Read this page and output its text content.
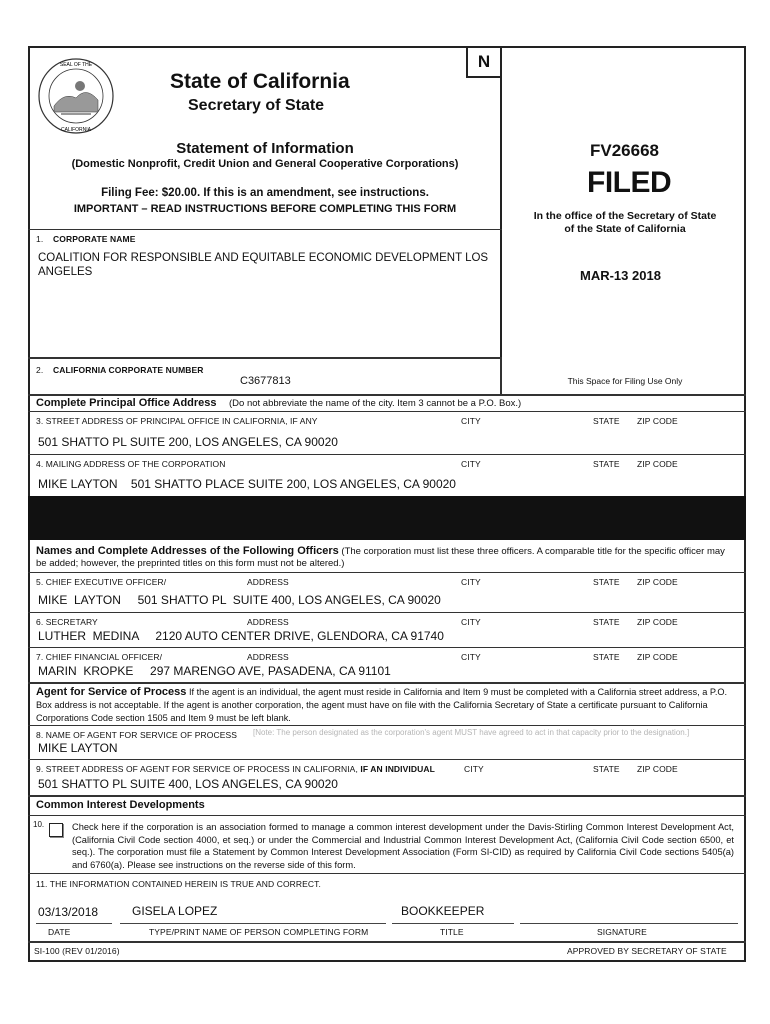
N
SEAL OF THE
CALIFORNIA
State of California
Secretary of State
Statement of Information
(Domestic Nonprofit, Credit Union and General Cooperative Corporations)
Filing Fee: $20.00. If this is an amendment, see instructions.
IMPORTANT – READ INSTRUCTIONS BEFORE COMPLETING THIS FORM
FV26668
FILED
In the office of the Secretary of State
of the State of California
MAR-13 2018
This Space for Filing Use Only
1. CORPORATE NAME
COALITION FOR RESPONSIBLE AND EQUITABLE ECONOMIC DEVELOPMENT LOS ANGELES
2. CALIFORNIA CORPORATE NUMBER
C3677813
Complete Principal Office Address (Do not abbreviate the name of the city. Item 3 cannot be a P.O. Box.)
3. STREET ADDRESS OF PRINCIPAL OFFICE IN CALIFORNIA, IF ANY	CITY	STATE ZIP CODE
501 SHATTO PL SUITE 200, LOS ANGELES, CA 90020
4. MAILING ADDRESS OF THE CORPORATION	CITY	STATE ZIP CODE
MIKE LAYTON    501 SHATTO PLACE SUITE 200, LOS ANGELES, CA 90020
Names and Complete Addresses of the Following Officers (The corporation must list these three officers. A comparable title for the specific officer may be added; however, the preprinted titles on this form must not be altered.)
5. CHIEF EXECUTIVE OFFICER/	ADDRESS	CITY	STATE ZIP CODE
MIKE  LAYTON     501 SHATTO PL  SUITE 400, LOS ANGELES, CA 90020
6. SECRETARY	ADDRESS	CITY	STATE ZIP CODE
LUTHER  MEDINA     2120 AUTO CENTER DRIVE, GLENDORA, CA 91740
7. CHIEF FINANCIAL OFFICER/	ADDRESS	CITY	STATE ZIP CODE
MARIN  KROPKE     297 MARENGO AVE, PASADENA, CA 91101
Agent for Service of Process If the agent is an individual, the agent must reside in California and Item 9 must be completed with a California street address, a P.O. Box address is not acceptable. If the agent is another corporation, the agent must have on file with the California Secretary of State a certificate pursuant to California Corporations Code section 1505 and Item 9 must be left blank.
8. NAME OF AGENT FOR SERVICE OF PROCESS [Note: The person designated as the corporation's agent MUST have agreed to act in that capacity prior to the designation.]
MIKE LAYTON
9. STREET ADDRESS OF AGENT FOR SERVICE OF PROCESS IN CALIFORNIA, IF AN INDIVIDUAL	CITY	STATE ZIP CODE
501 SHATTO PL SUITE 400, LOS ANGELES, CA 90020
Common Interest Developments
10.	Check here if the corporation is an association formed to manage a common interest development under the Davis-Stirling Common Interest Development Act, (California Civil Code section 4000, et seq.) or under the Commercial and Industrial Common Interest Development Act, (California Civil Code section 6500, et seq.). The corporation must file a Statement by Common Interest Development Association (Form SI-CID) as required by California Civil Code sections 5405(a) and 6760(a). Please see instructions on the reverse side of this form.
11. THE INFORMATION CONTAINED HEREIN IS TRUE AND CORRECT.
03/13/2018	GISELA LOPEZ	BOOKKEEPER
DATE	TYPE/PRINT NAME OF PERSON COMPLETING FORM	TITLE	SIGNATURE
SI-100 (REV 01/2016)	APPROVED BY SECRETARY OF STATE
